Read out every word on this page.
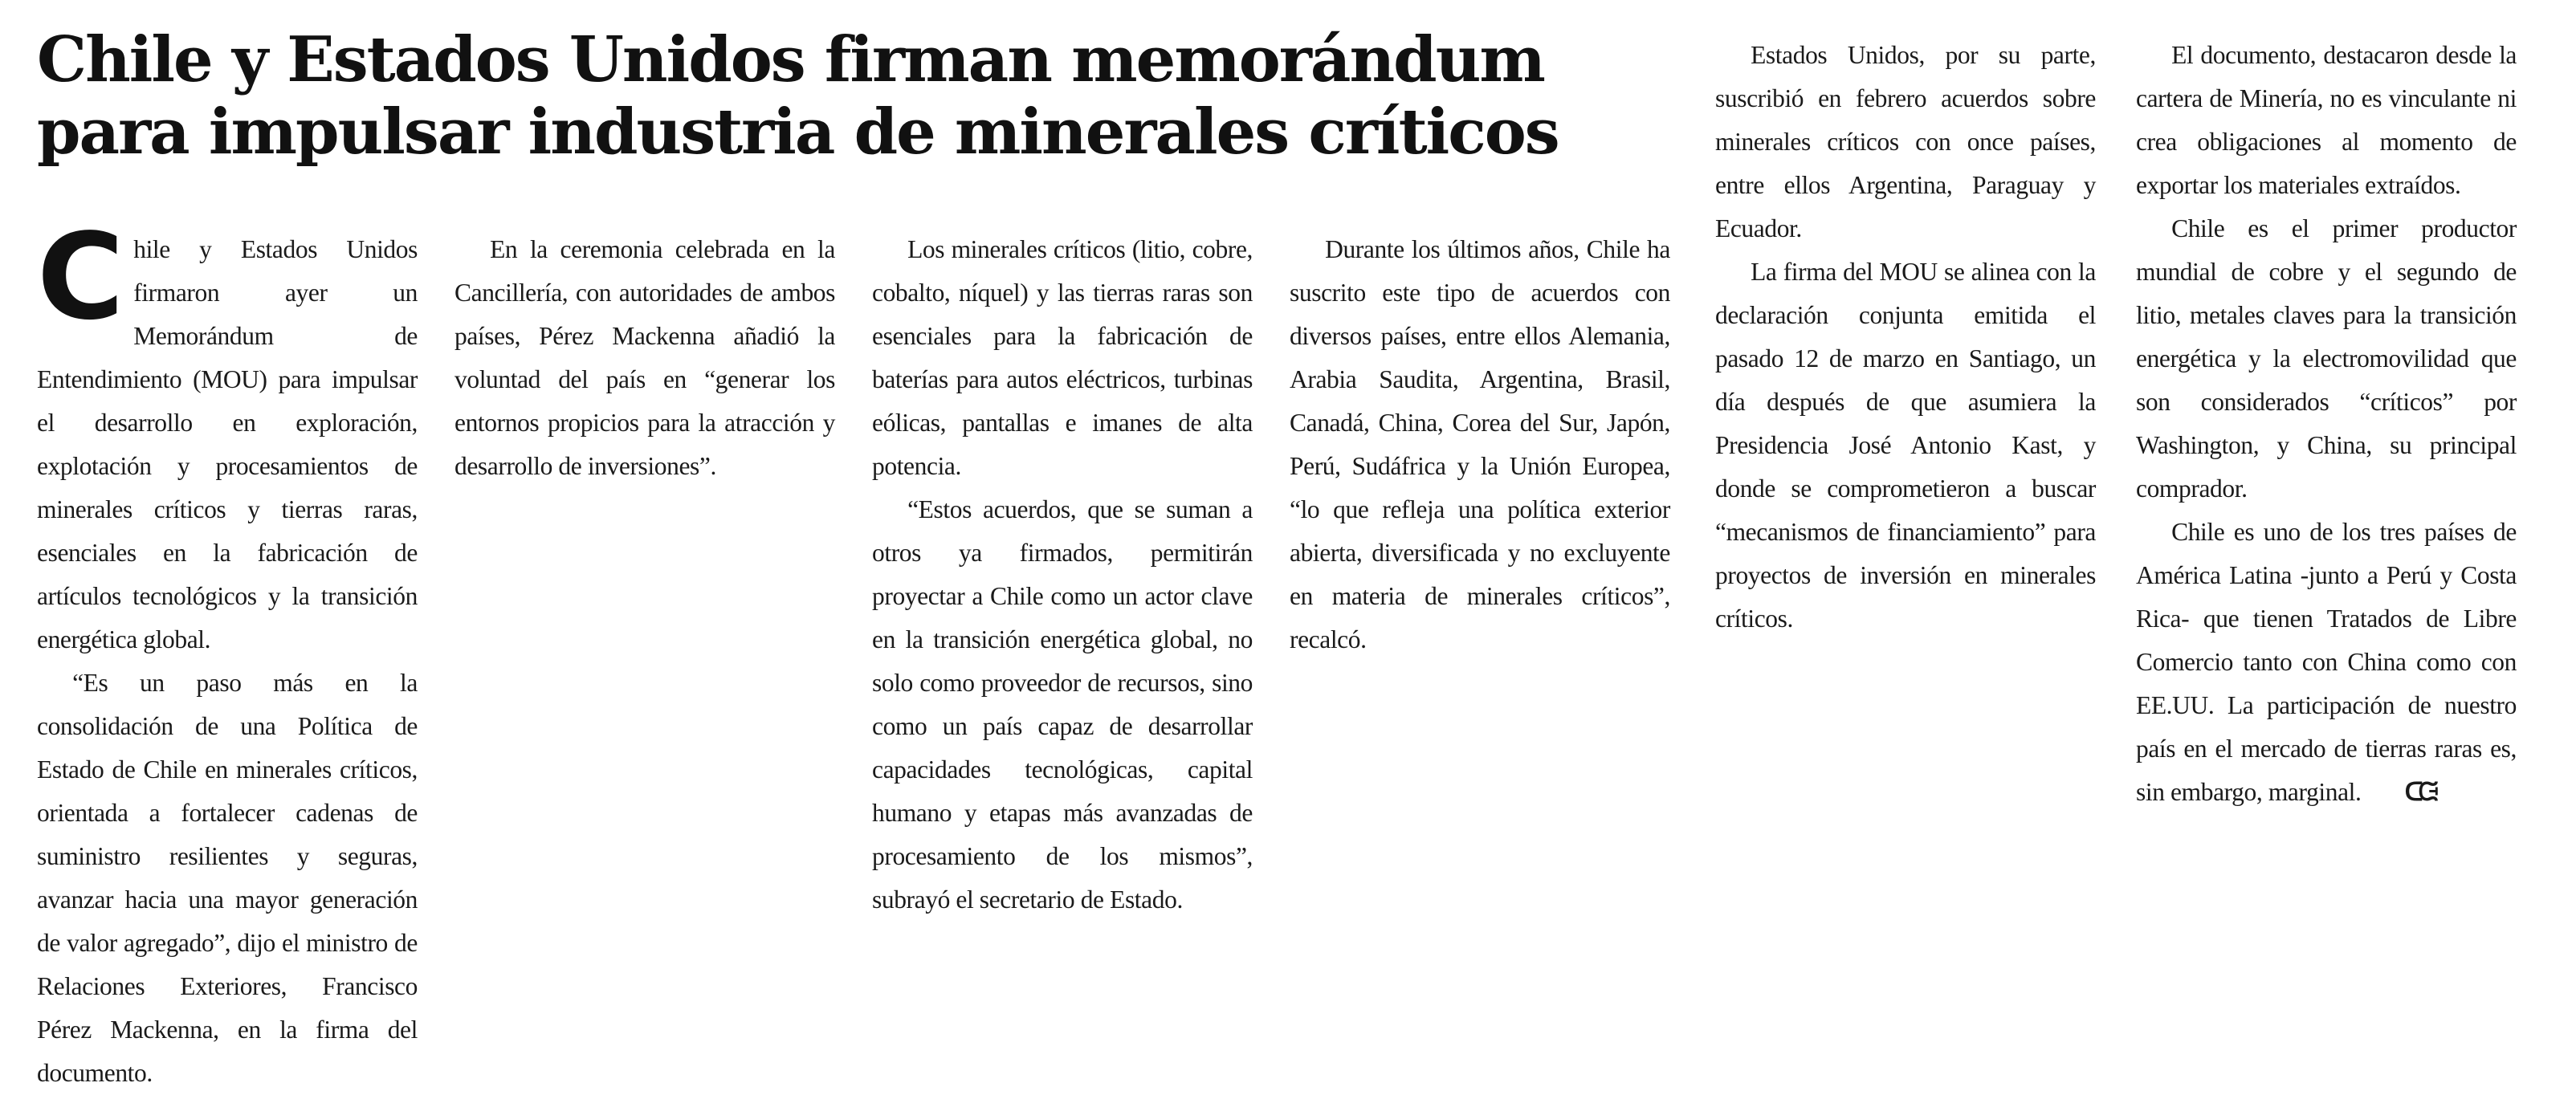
Chile y Estados Unidos firman memorándum
para impulsar industria de minerales críticos

Chile y Estados Unidos firmaron ayer un Memorándum de Entendimiento (MOU) para impulsar el desarrollo en exploración, explotación y procesamientos de minerales críticos y tierras raras, esenciales en la fabricación de artículos tecnológicos y la transición energética global.

“Es un paso más en la consolidación de una Política de Estado de Chile en minerales críticos, orientada a fortalecer cadenas de suministro resilientes y seguras, avanzar hacia una mayor generación de valor agregado”, dijo el ministro de Relaciones Exteriores, Francisco Pérez Mackenna, en la firma del documento.

En la ceremonia celebrada en la Cancillería, con autoridades de ambos países, Pérez Mackenna añadió la voluntad del país en “generar los entornos propicios para la atracción y desarrollo de inversiones”.

Los minerales críticos (litio, cobre, cobalto, níquel) y las tierras raras son esenciales para la fabricación de baterías para autos eléctricos, turbinas eólicas, pantallas e imanes de alta potencia.

“Estos acuerdos, que se suman a otros ya firmados, permitirán proyectar a Chile como un actor clave en la transición energética global, no solo como proveedor de recursos, sino como un país capaz de desarrollar capacidades tecnológicas, capital humano y etapas más avanzadas de procesamiento de los mismos”, subrayó el secretario de Estado.

Durante los últimos años, Chile ha suscrito este tipo de acuerdos con diversos países, entre ellos Alemania, Arabia Saudita, Argentina, Brasil, Canadá, China, Corea del Sur, Japón, Perú, Sudáfrica y la Unión Europea, “lo que refleja una política exterior abierta, diversificada y no excluyente en materia de minerales críticos”, recalcó.

Estados Unidos, por su parte, suscribió en febrero acuerdos sobre minerales críticos con once países, entre ellos Argentina, Paraguay y Ecuador.

La firma del MOU se alinea con la declaración conjunta emitida el pasado 12 de marzo en Santiago, un día después de que asumiera la Presidencia José Antonio Kast, y donde se comprometieron a buscar “mecanismos de financiamiento” para proyectos de inversión en minerales críticos.

El documento, destacaron desde la cartera de Minería, no es vinculante ni crea obligaciones al momento de exportar los materiales extraídos.

Chile es el primer productor mundial de cobre y el segundo de litio, metales claves para la transición energética y la electromovilidad que son considerados “críticos” por Washington, y China, su principal comprador.

Chile es uno de los tres países de América Latina -junto a Perú y Costa Rica- que tienen Tratados de Libre Comercio tanto con China como con EE.UU. La participación de nuestro país en el mercado de tierras raras es, sin embargo, marginal. ᑕᙍ
